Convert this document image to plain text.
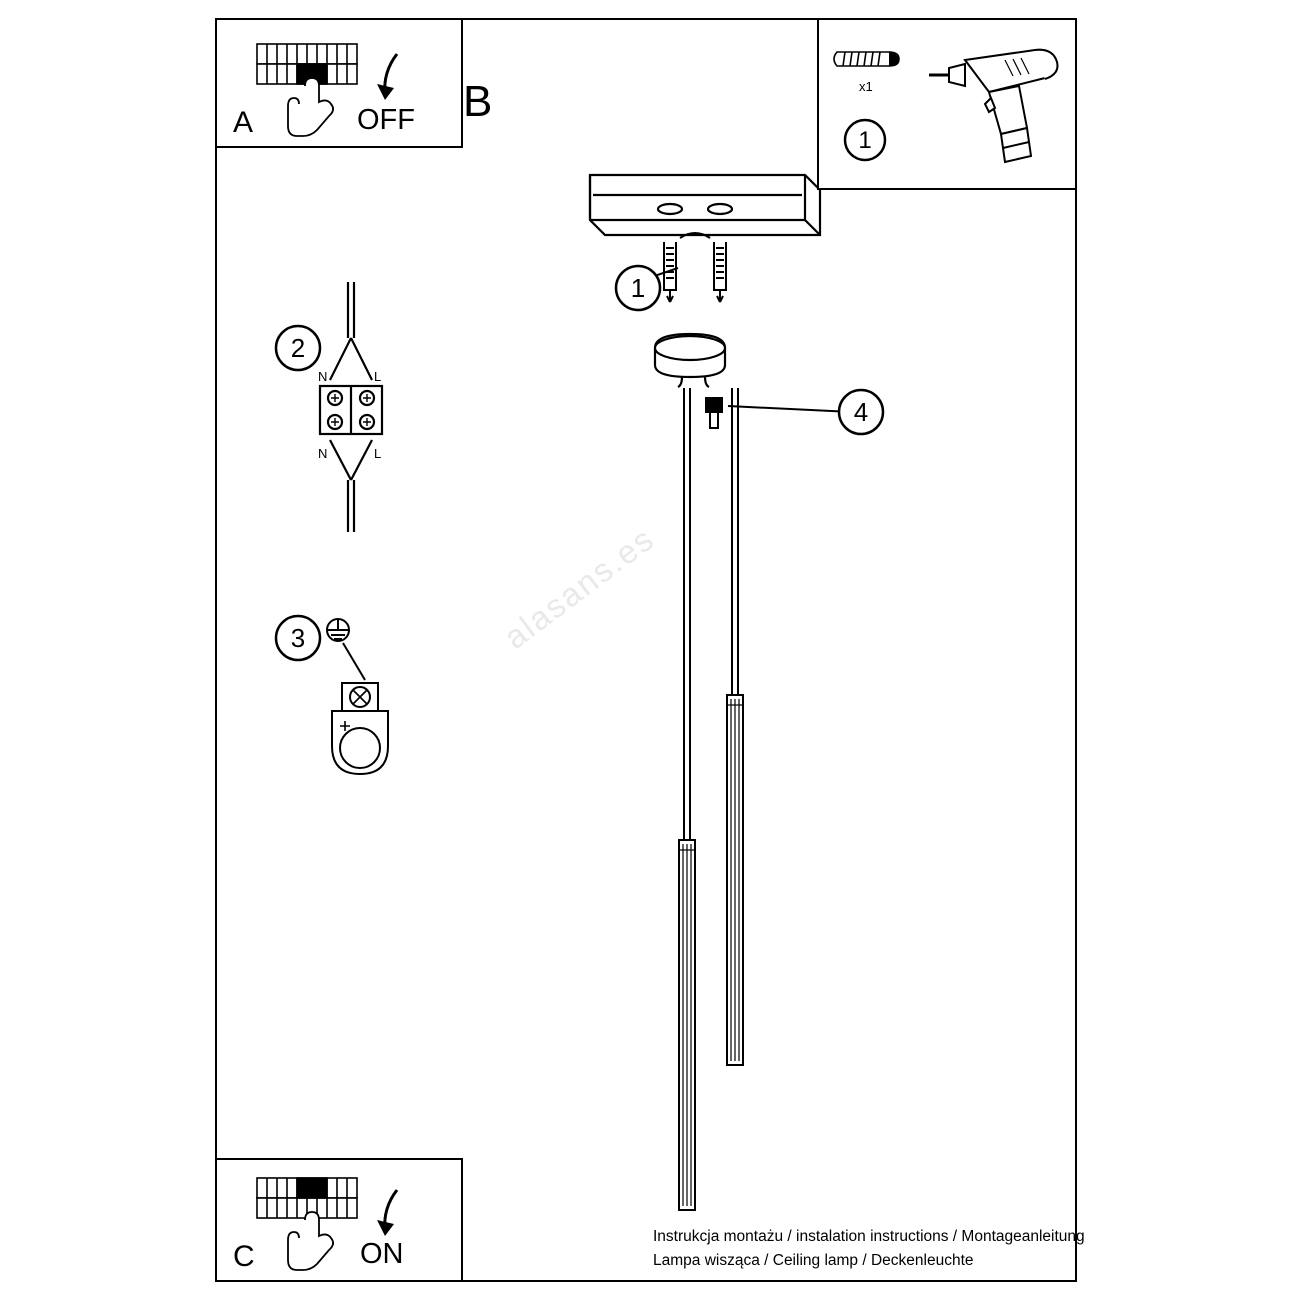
alasans.es
B
1
4
2
N	L
N	L
3
A	OFF
C	ON
1
x1
Instrukcja montażu / instalation instructions / Montageanleitung
Lampa wisząca / Ceiling lamp / Deckenleuchte
